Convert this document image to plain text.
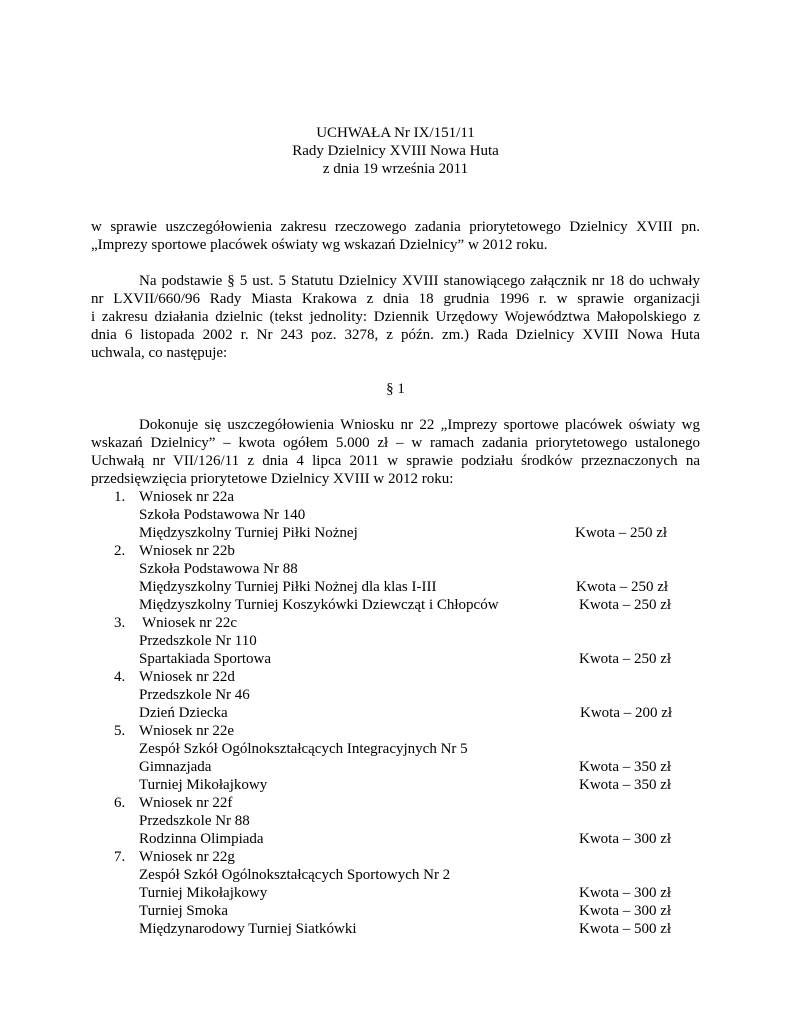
UCHWAŁA Nr IX/151/11
Rady Dzielnicy XVIII Nowa Huta
z dnia 19 września 2011
w sprawie uszczegółowienia zakresu rzeczowego zadania priorytetowego Dzielnicy XVIII pn.
„Imprezy sportowe placówek oświaty wg wskazań Dzielnicy” w 2012 roku.
Na podstawie § 5 ust. 5 Statutu Dzielnicy XVIII stanowiącego załącznik nr 18 do uchwały
nr LXVII/660/96 Rady Miasta Krakowa z dnia 18 grudnia 1996 r. w sprawie organizacji
i zakresu działania dzielnic (tekst jednolity: Dziennik Urzędowy Województwa Małopolskiego z
dnia 6 listopada 2002 r. Nr 243 poz. 3278, z późn. zm.) Rada Dzielnicy XVIII Nowa Huta
uchwala, co następuje:
§ 1
Dokonuje się uszczegółowienia Wniosku nr 22 „Imprezy sportowe placówek oświaty wg
wskazań Dzielnicy” – kwota ogółem 5.000 zł – w ramach zadania priorytetowego ustalonego
Uchwałą nr VII/126/11 z dnia 4 lipca 2011 w sprawie podziału środków przeznaczonych na
przedsięwzięcia priorytetowe Dzielnicy XVIII w 2012 roku:
1. Wniosek nr 22a
Szkoła Podstawowa Nr 140
Międzyszkolny Turniej Piłki Nożnej	Kwota – 250 zł
2. Wniosek nr 22b
Szkoła Podstawowa Nr 88
Międzyszkolny Turniej Piłki Nożnej dla klas I-III	Kwota – 250 zł
Międzyszkolny Turniej Koszykówki Dziewcząt i Chłopców	Kwota – 250 zł
3. Wniosek nr 22c
Przedszkole Nr 110
Spartakiada Sportowa	Kwota – 250 zł
4. Wniosek nr 22d
Przedszkole Nr 46
Dzień Dziecka	Kwota – 200 zł
5. Wniosek nr 22e
Zespół Szkół Ogólnokształcących Integracyjnych Nr 5
Gimnazjada	Kwota – 350 zł
Turniej Mikołajkowy	Kwota – 350 zł
6. Wniosek nr 22f
Przedszkole Nr 88
Rodzinna Olimpiada	Kwota – 300 zł
7. Wniosek nr 22g
Zespół Szkół Ogólnokształcących Sportowych Nr 2
Turniej Mikołajkowy	Kwota – 300 zł
Turniej Smoka	Kwota – 300 zł
Międzynarodowy Turniej Siatkówki	Kwota – 500 zł
